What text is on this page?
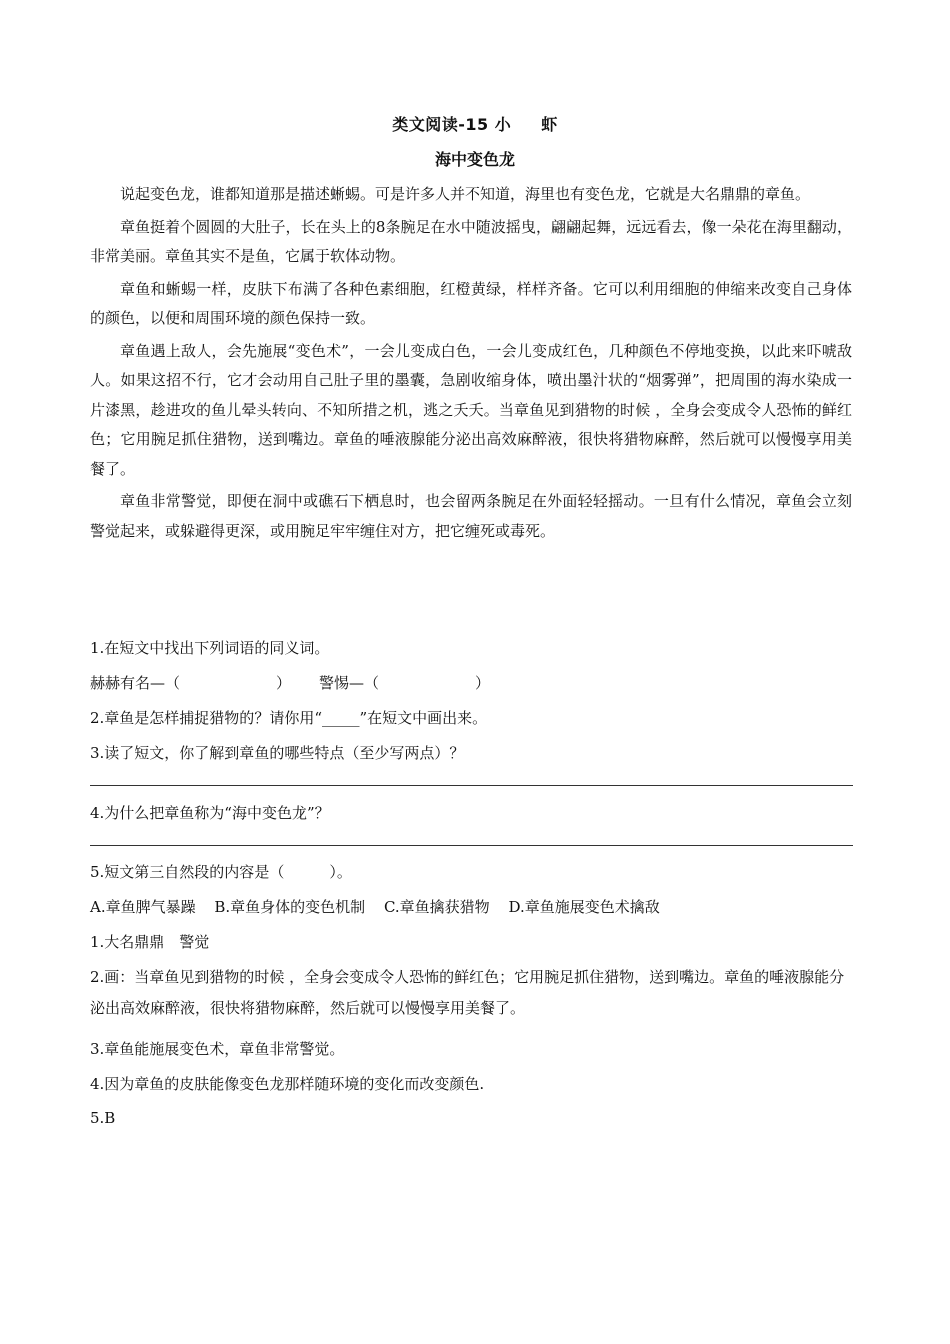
类文阅读-15 小 虾
海中变色龙

说起变色龙，谁都知道那是描述蜥蜴。可是许多人并不知道，海里也有变色龙，它就是大名鼎鼎的章鱼。

章鱼挺着个圆圆的大肚子，长在头上的8条腕足在水中随波摇曳，翩翩起舞，远远看去，像一朵花在海里翻动，非常美丽。章鱼其实不是鱼，它属于软体动物。

章鱼和蜥蜴一样，皮肤下布满了各种色素细胞，红橙黄绿，样样齐备。它可以利用细胞的伸缩来改变自己身体的颜色，以便和周围环境的颜色保持一致。

章鱼遇上敌人，会先施展“变色术”，一会儿变成白色，一会儿变成红色，几种颜色不停地变换，以此来吓唬敌人。如果这招不行，它才会动用自己肚子里的墨囊，急剧收缩身体，喷出墨汁状的“烟雾弹”，把周围的海水染成一片漆黑，趁进攻的鱼儿晕头转向、不知所措之机，逃之夭夭。当章鱼见到猎物的时候 ，全身会变成令人恐怖的鲜红色；它用腕足抓住猎物，送到嘴边。章鱼的唾液腺能分泌出高效麻醉液，很快将猎物麻醉，然后就可以慢慢享用美餐了。

章鱼非常警觉，即便在洞中或礁石下栖息时，也会留两条腕足在外面轻轻摇动。一旦有什么情况，章鱼会立刻警觉起来，或躲避得更深，或用腕足牢牢缠住对方，把它缠死或毒死。

1.在短文中找出下列词语的同义词。
赫赫有名—（	） 警惕—（	）
2.章鱼是怎样捕捉猎物的？请你用“_____”在短文中画出来。
3.读了短文，你了解到章鱼的哪些特点（至少写两点）？
4.为什么把章鱼称为“海中变色龙”？
5.短文第三自然段的内容是（　　　）。
A.章鱼脾气暴躁 B.章鱼身体的变色机制 C.章鱼擒获猎物 D.章鱼施展变色术擒敌
1.大名鼎鼎　警觉
2.画：当章鱼见到猎物的时候 ，全身会变成令人恐怖的鲜红色；它用腕足抓住猎物，送到嘴边。章鱼的唾液腺能分泌出高效麻醉液，很快将猎物麻醉，然后就可以慢慢享用美餐了。
3.章鱼能施展变色术，章鱼非常警觉。
4.因为章鱼的皮肤能像变色龙那样随环境的变化而改变颜色.
5.B
